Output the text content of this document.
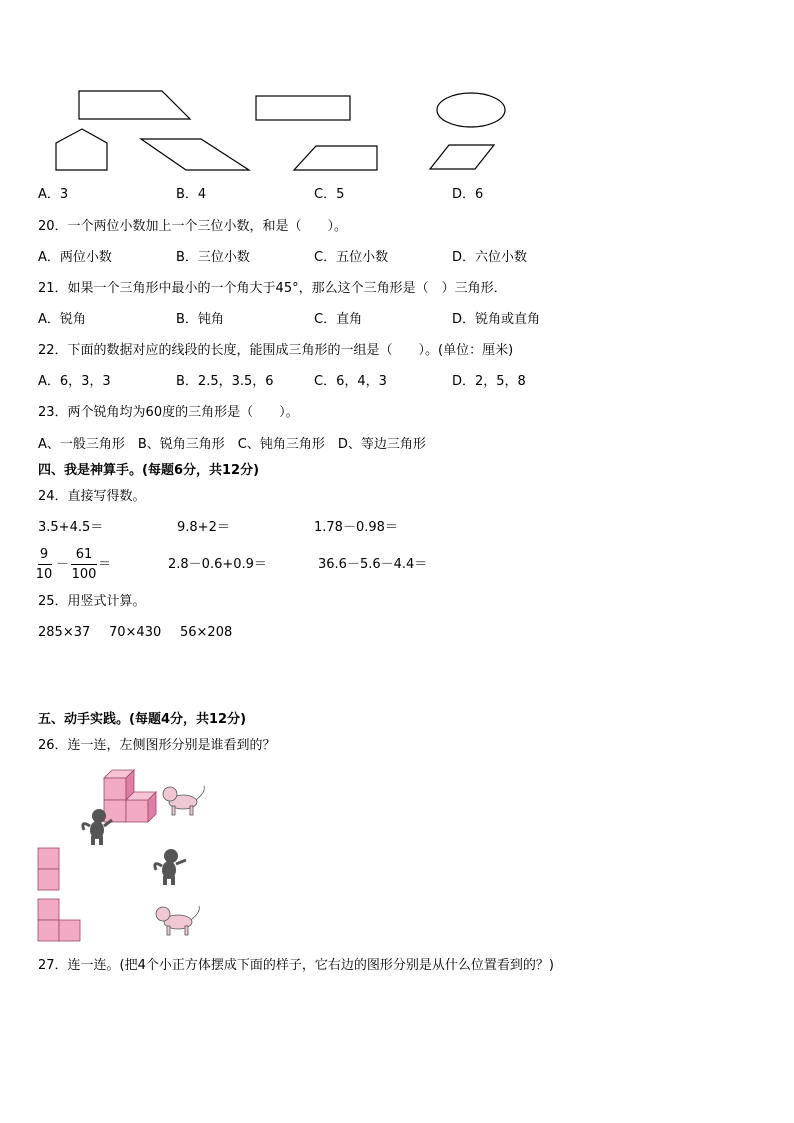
A．3	B．4	C．5	D．6
20．一个两位小数加上一个三位小数，和是（　　）。
A．两位小数	B．三位小数	C．五位小数	D．六位小数
21．如果一个三角形中最小的一个角大于45°，那么这个三角形是（　）三角形．
A．锐角	B．钝角	C．直角	D．锐角或直角
22．下面的数据对应的线段的长度，能围成三角形的一组是（　　）。(单位：厘米)
A．6，3，3	B．2.5，3.5，6	C．6，4，3	D．2，5，8
23．两个锐角均为60度的三角形是（　　）。
A、一般三角形　B、锐角三角形　C、钝角三角形　D、等边三角形
四、我是神算手。(每题6分，共12分)
24．直接写得数。
3.5+4.5＝	9.8+2＝	1.78－0.98＝
9
10
－
61
100
＝	2.8－0.6+0.9＝	36.6－5.6－4.4＝
25．用竖式计算。
285×37 70×430 56×208
五、动手实践。(每题4分，共12分)
26．连一连，左侧图形分别是谁看到的？
27．连一连。(把4个小正方体摆成下面的样子，它右边的图形分别是从什么位置看到的？)
